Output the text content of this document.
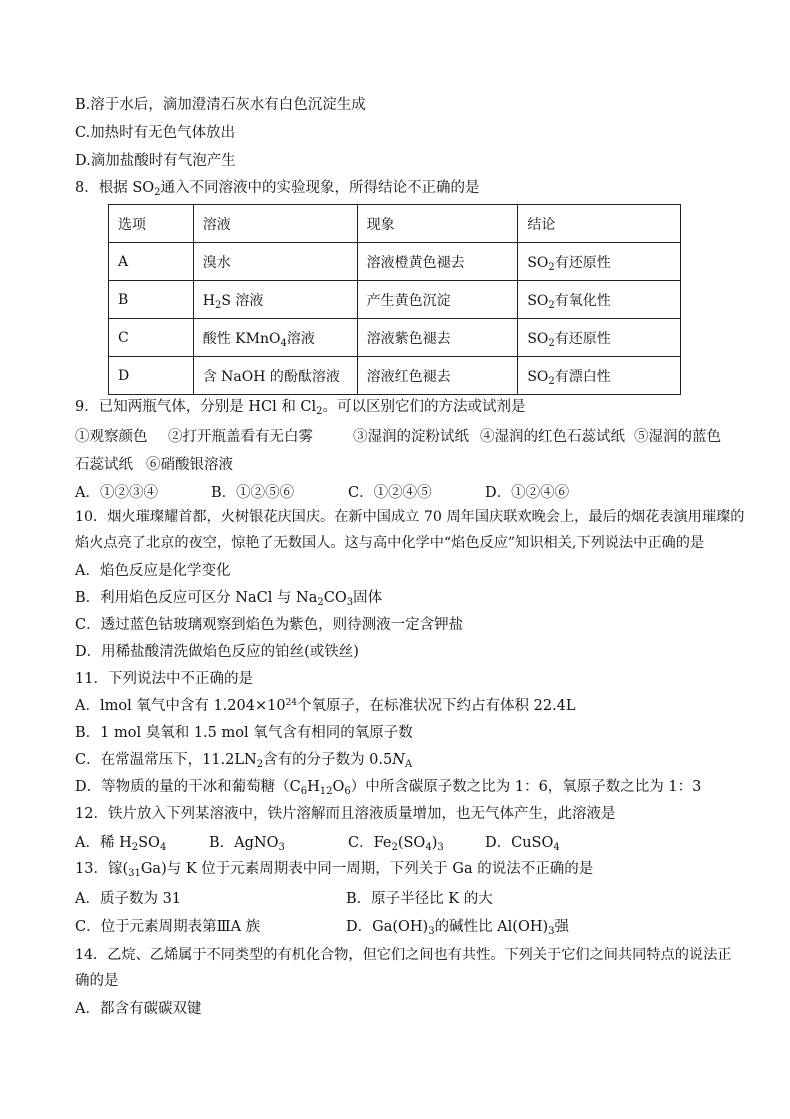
B.溶于水后，滴加澄清石灰水有白色沉淀生成
C.加热时有无色气体放出
D.滴加盐酸时有气泡产生
8．根据 $SO_2$通入不同溶液中的实验现象，所得结论不正确的是
选项	溶液	现象	结论
A	溴水	溶液橙黄色褪去	$SO_2$有还原性
B	$H_2S$ 溶液	产生黄色沉淀	$SO_2$有氧化性
C	酸性 KMnO$_4$溶液	溶液紫色褪去	$SO_2$有还原性
D	含 NaOH 的酚酞溶液	溶液红色褪去	$SO_2$有漂白性
9．已知两瓶气体，分别是 HCl 和 $Cl_2$。可以区别它们的方法或试剂是
①观察颜色 ②打开瓶盖看有无白雾	③湿润的淀粉试纸 ④湿润的红色石蕊试纸 ⑤湿润的蓝色
石蕊试纸 ⑥硝酸银溶液
A．①②③④	B．①②⑤⑥	C．①②④⑤	D．①②④⑥
10．烟火璀璨耀首都，火树银花庆国庆。在新中国成立 70 周年国庆联欢晚会上，最后的烟花表演用璀璨的
焰火点亮了北京的夜空，惊艳了无数国人。这与高中化学中“焰色反应”知识相关,下列说法中正确的是
A．焰色反应是化学变化
B．利用焰色反应可区分 NaCl 与 $Na_2CO_3$固体
C．透过蓝色钴玻璃观察到焰色为紫色，则待测液一定含钾盐
D．用稀盐酸清洗做焰色反应的铂丝(或铁丝)
11．下列说法中不正确的是
A．lmol 氧气中含有 $1.204\times 10^{24}$个氧原子，在标准状况下约占有体积 22.4L
B．1 mol 臭氧和 1.5 mol 氧气含有相同的氧原子数
C．在常温常压下，$11.2LN_2$含有的分子数为 $0.5N_A$
D．等物质的量的干冰和葡萄糖$(C_6H_{12}O_6)$中所含碳原子数之比为 1：6，氧原子数之比为 1：3
12．铁片放入下列某溶液中，铁片溶解而且溶液质量增加，也无气体产生，此溶液是
A．稀 $H_2SO_4$	B．AgNO$_3$	C．$Fe_2(SO_4)_3$	D．CuSO$_4$
13．镓$(_{31}Ga)$与 K 位于元素周期表中同一周期，下列关于 Ga 的说法不正确的是
A．质子数为 31	B．原子半径比 K 的大
C．位于元素周期表第ⅢA 族	D．$Ga(OH)_3$的碱性比 $Al(OH)_3$强
14．乙烷、乙烯属于不同类型的有机化合物，但它们之间也有共性。下列关于它们之间共同特点的说法正
确的是
A．都含有碳碳双键
